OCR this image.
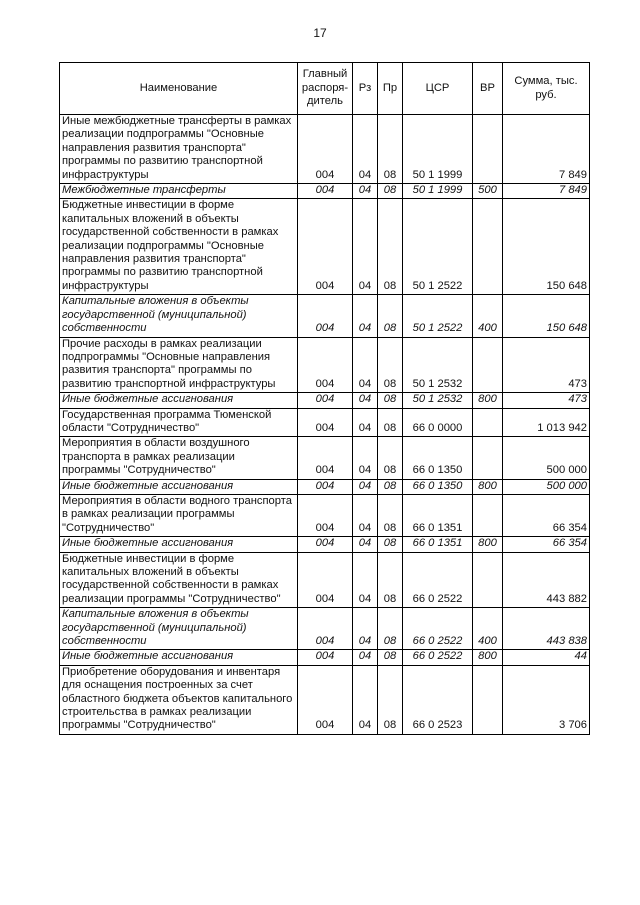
17
Наименование	Главный распоря-дитель	Рз	Пр	ЦСР	ВР	Сумма, тыс. руб.
Иные межбюджетные трансферты в рамках реализации подпрограммы "Основные направления развития транспорта" программы по развитию транспортной инфраструктуры	004	04	08	50 1 1999		7 849
Межбюджетные трансферты	004	04	08	50 1 1999	500	7 849
Бюджетные инвестиции в форме капитальных вложений в объекты государственной собственности в рамках реализации подпрограммы "Основные направления развития транспорта" программы по развитию транспортной инфраструктуры	004	04	08	50 1 2522		150 648
Капитальные вложения в объекты государственной (муниципальной) собственности	004	04	08	50 1 2522	400	150 648
Прочие расходы в рамках реализации подпрограммы "Основные направления развития транспорта" программы по развитию транспортной инфраструктуры	004	04	08	50 1 2532		473
Иные бюджетные ассигнования	004	04	08	50 1 2532	800	473
Государственная программа Тюменской области "Сотрудничество"	004	04	08	66 0 0000		1 013 942
Мероприятия в области воздушного транспорта в рамках реализации программы "Сотрудничество"	004	04	08	66 0 1350		500 000
Иные бюджетные ассигнования	004	04	08	66 0 1350	800	500 000
Мероприятия в области водного транспорта в рамках реализации программы "Сотрудничество"	004	04	08	66 0 1351		66 354
Иные бюджетные ассигнования	004	04	08	66 0 1351	800	66 354
Бюджетные инвестиции в форме капитальных вложений в объекты государственной собственности в рамках реализации программы "Сотрудничество"	004	04	08	66 0 2522		443 882
Капитальные вложения в объекты государственной (муниципальной) собственности	004	04	08	66 0 2522	400	443 838
Иные бюджетные ассигнования	004	04	08	66 0 2522	800	44
Приобретение оборудования и инвентаря для оснащения построенных за счет областного бюджета объектов капитального строительства в рамках реализации программы "Сотрудничество"	004	04	08	66 0 2523		3 706
